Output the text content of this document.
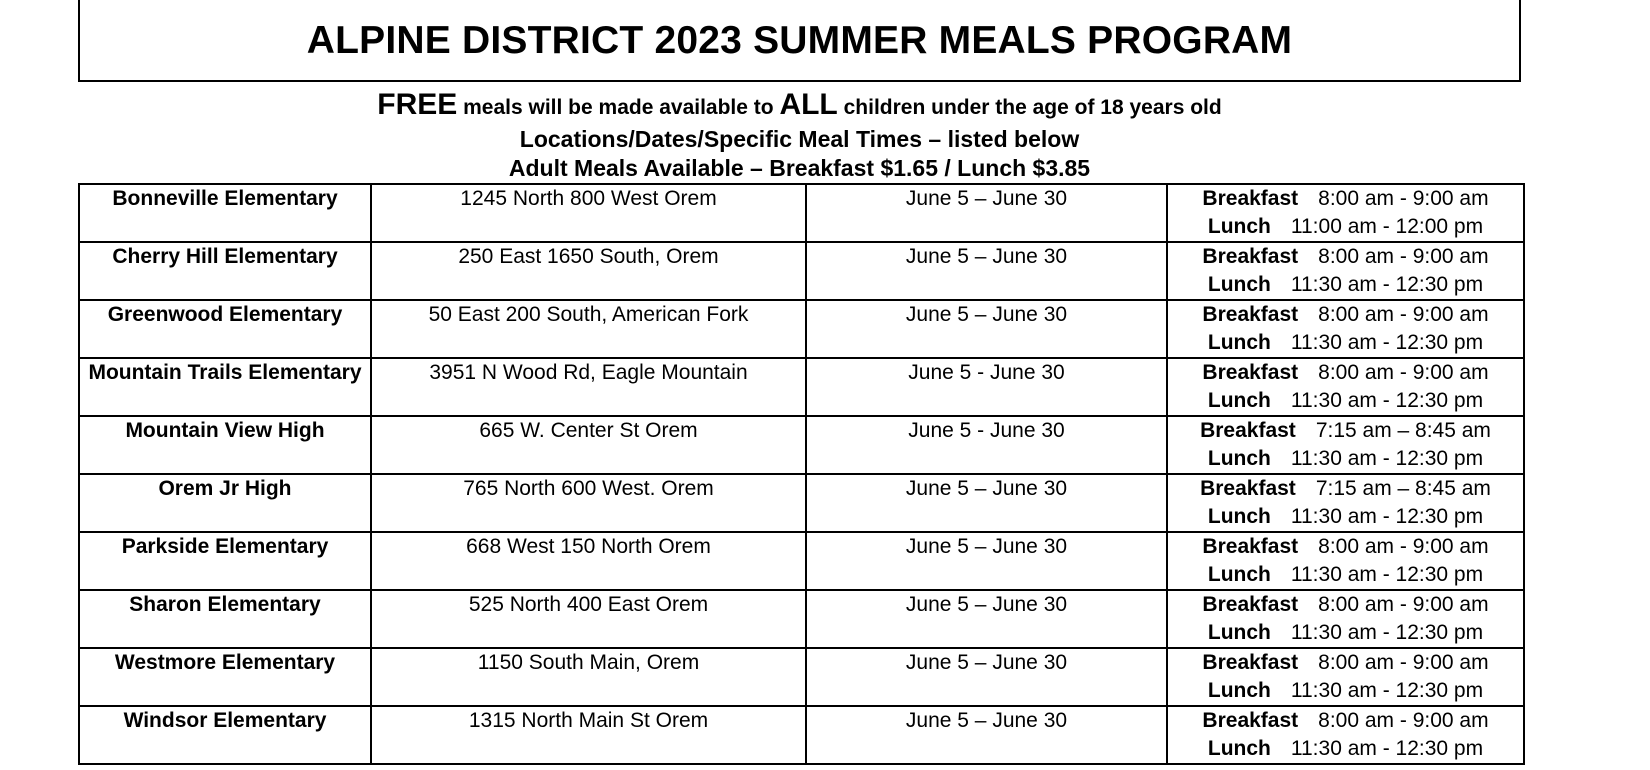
ALPINE DISTRICT 2023 SUMMER MEALS PROGRAM
FREE meals will be made available to ALL children under the age of 18 years old
Locations/Dates/Specific Meal Times – listed below
Adult Meals Available – Breakfast $1.65 / Lunch $3.85
Bonneville Elementary	1245 North 800 West Orem	June 5 – June 30	Breakfast 8:00 am - 9:00 am
Lunch 11:00 am - 12:00 pm

Cherry Hill Elementary	250 East 1650 South, Orem	June 5 – June 30	Breakfast 8:00 am - 9:00 am
Lunch 11:30 am - 12:30 pm

Greenwood Elementary	50 East 200 South, American Fork	June 5 – June 30	Breakfast 8:00 am - 9:00 am
Lunch 11:30 am - 12:30 pm

Mountain Trails Elementary	3951 N Wood Rd, Eagle Mountain	June 5 - June 30	Breakfast 8:00 am - 9:00 am
Lunch 11:30 am - 12:30 pm

Mountain View High	665 W. Center St Orem	June 5 - June 30	Breakfast 7:15 am – 8:45 am
Lunch 11:30 am - 12:30 pm

Orem Jr High	765 North 600 West. Orem	June 5 – June 30	Breakfast 7:15 am – 8:45 am
Lunch 11:30 am - 12:30 pm

Parkside Elementary	668 West 150 North Orem	June 5 – June 30	Breakfast 8:00 am - 9:00 am
Lunch 11:30 am - 12:30 pm

Sharon Elementary	525 North 400 East Orem	June 5 – June 30	Breakfast 8:00 am - 9:00 am
Lunch 11:30 am - 12:30 pm

Westmore Elementary	1150 South Main, Orem	June 5 – June 30	Breakfast 8:00 am - 9:00 am
Lunch 11:30 am - 12:30 pm

Windsor Elementary	1315 North Main St Orem	June 5 – June 30	Breakfast 8:00 am - 9:00 am
Lunch 11:30 am - 12:30 pm
